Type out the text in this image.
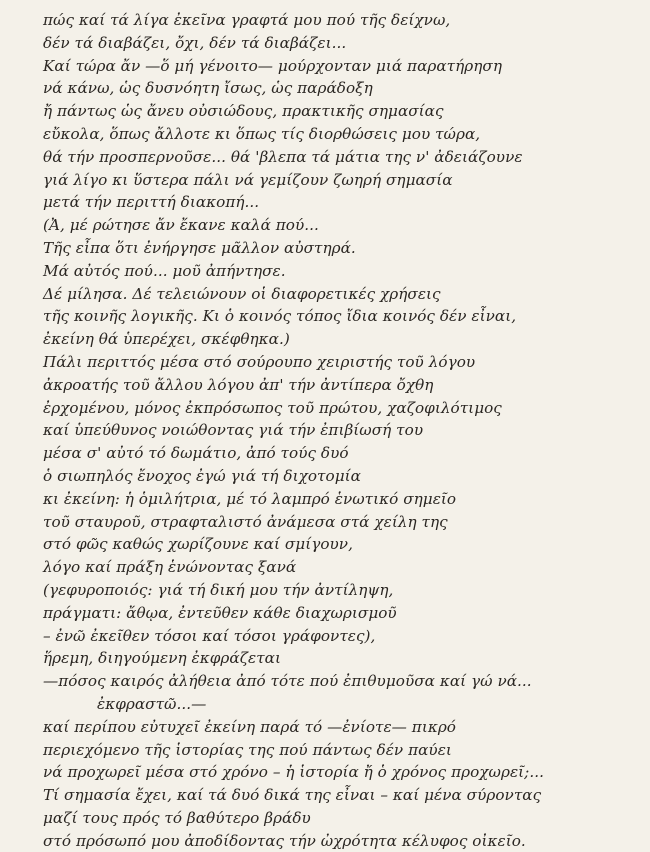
πώς καί τά λίγα ἐκεῖνα γραφτά μου πού τῆς δείχνω,
δέν τά διαβάζει, ὄχι, δέν τά διαβάζει...
Καί τώρα ἄν —ὅ μή γένοιτο— μούρχονταν μιά παρατήρηση
νά κάνω, ὡς δυσνόητη ἴσως, ὡς παράδοξη
ἤ πάντως ὡς ἄνευ οὐσιώδους, πρακτικῆς σημασίας
εὔκολα, ὅπως ἄλλοτε κι ὅπως τίς διορθώσεις μου τώρα,
θά τήν προσπερνοῦσε... θά 'βλεπα τά μάτια της ν' ἀδειάζουνε
γιά λίγο κι ὕστερα πάλι νά γεμίζουν ζωηρή σημασία
μετά τήν περιττή διακοπή...
(Ἀ, μέ ρώτησε ἄν ἔκανε καλά πού...
Τῆς εἶπα ὅτι ἐνήργησε μᾶλλον αὐστηρά.
Μά αὐτός πού... μοῦ ἀπήντησε.
Δέ μίλησα. Δέ τελειώνουν οἱ διαφορετικές χρήσεις
τῆς κοινῆς λογικῆς. Κι ὁ κοινός τόπος ἴδια κοινός δέν εἶναι,
ἐκείνη θά ὑπερέχει, σκέφθηκα.)
Πάλι περιττός μέσα στό σούρουπο χειριστής τοῦ λόγου
ἀκροατής τοῦ ἄλλου λόγου ἀπ' τήν ἀντίπερα ὄχθη
ἐρχομένου, μόνος ἐκπρόσωπος τοῦ πρώτου, χαζοφιλότιμος
καί ὑπεύθυνος νοιώθοντας γιά τήν ἐπιβίωσή του
μέσα σ' αὐτό τό δωμάτιο, ἀπό τούς δυό
ὁ σιωπηλός ἔνοχος ἐγώ γιά τή διχοτομία
κι ἐκείνη: ἡ ὁμιλήτρια, μέ τό λαμπρό ἑνωτικό σημεῖο
τοῦ σταυροῦ, στραφταλιστό ἀνάμεσα στά χείλη της
στό φῶς καθώς χωρίζουνε καί σμίγουν,
λόγο καί πράξη ἑνώνοντας ξανά
(γεφυροποιός: γιά τή δική μου τήν ἀντίληψη,
πράγματι: ἄθῳα, ἐντεῦθεν κάθε διαχωρισμοῦ
– ἐνῶ ἐκεῖθεν τόσοι καί τόσοι γράφοντες),
ἥρεμη, διηγούμενη ἐκφράζεται
—πόσος καιρός ἀλήθεια ἀπό τότε πού ἐπιθυμοῦσα καί γώ νά...
ἐκφραστῶ...—
καί περίπου εὐτυχεῖ ἐκείνη παρά τό —ἐνίοτε— πικρό
περιεχόμενο τῆς ἱστορίας της πού πάντως δέν παύει
νά προχωρεῖ μέσα στό χρόνο – ἡ ἱστορία ἤ ὁ χρόνος προχωρεῖ;...
Τί σημασία ἔχει, καί τά δυό δικά της εἶναι – καί μένα σύροντας
μαζί τους πρός τό βαθύτερο βράδυ
στό πρόσωπό μου ἀποδίδοντας τήν ὠχρότητα κέλυφος οἰκεῖο.
